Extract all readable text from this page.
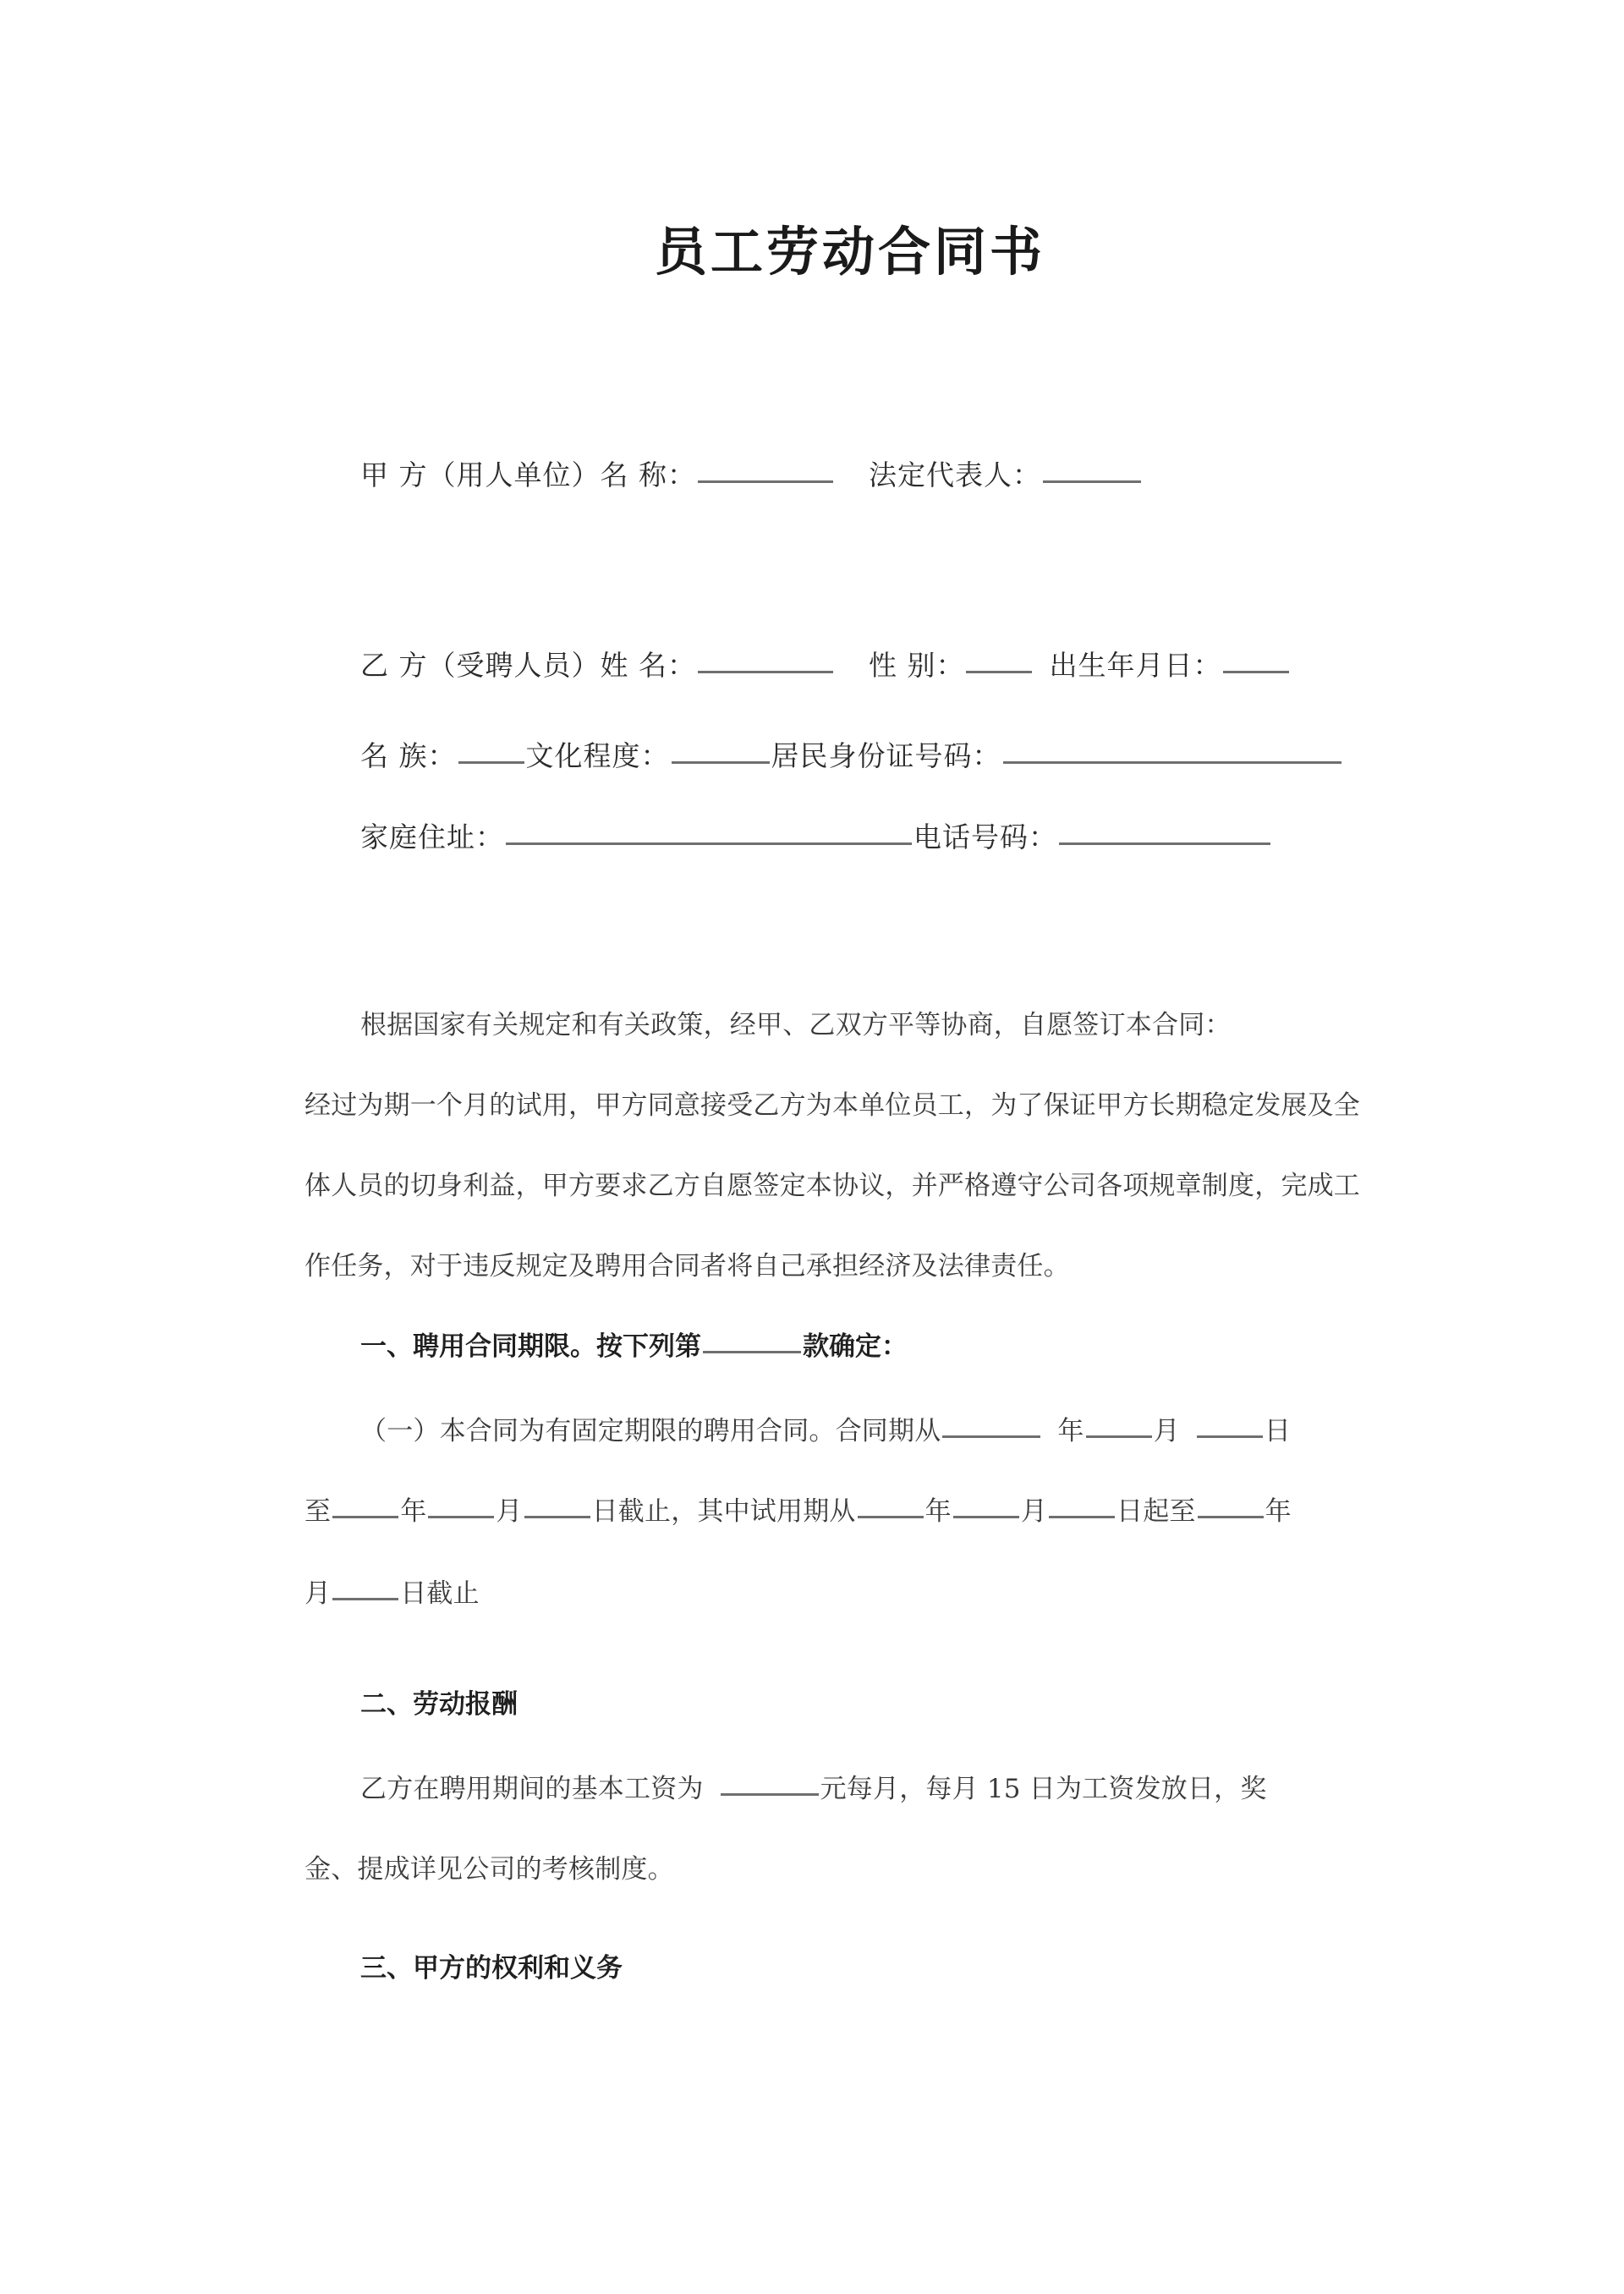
员工劳动合同书
甲 方（用人单位）名 称：	法定代表人：
乙 方（受聘人员）姓 名：	性 别：	出生年月日：
名 族： 文化程度：	居民身份证号码：
家庭住址：	电话号码：
根据国家有关规定和有关政策，经甲、乙双方平等协商，自愿签订本合同：
经过为期一个月的试用，甲方同意接受乙方为本单位员工，为了保证甲方长期稳定发展及全
体人员的切身利益，甲方要求乙方自愿签定本协议，并严格遵守公司各项规章制度，完成工
作任务，对于违反规定及聘用合同者将自己承担经济及法律责任。
一、聘用合同期限。按下列第	款确定：
（一）本合同为有固定期限的聘用合同。合同期从	年	月	日
至	年	月	日截止，其中试用期从	年	月	日起至	年
月	日截止
二、劳动报酬
乙方在聘用期间的基本工资为	元每月，每月 15 日为工资发放日，奖
金、提成详见公司的考核制度。
三、甲方的权利和义务
